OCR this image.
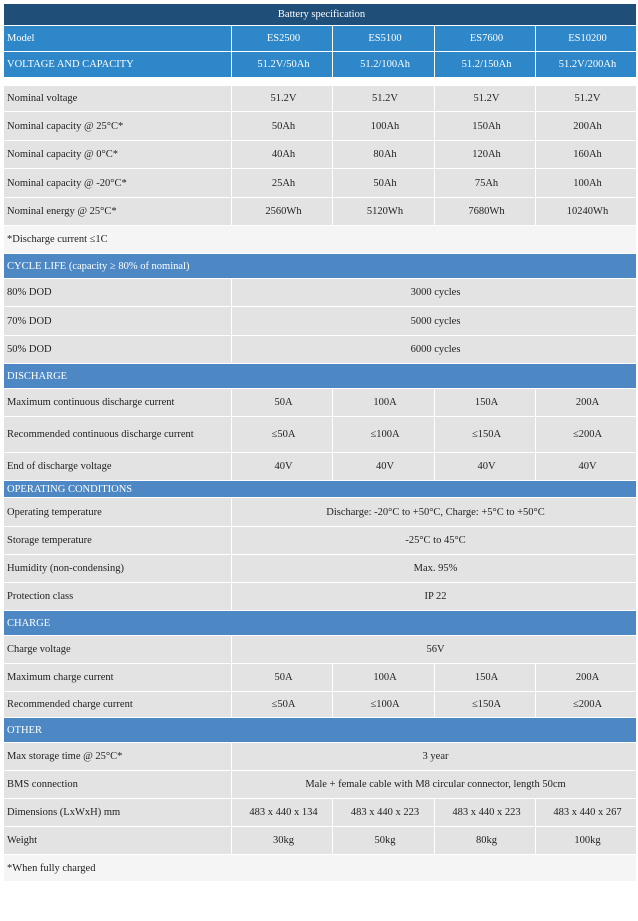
Battery specification				
Model	ES2500	ES5100	ES7600	ES10200
VOLTAGE AND CAPACITY	51.2V/50Ah	51.2/100Ah	51.2/150Ah	51.2V/200Ah

Nominal voltage	51.2V	51.2V	51.2V	51.2V
Nominal capacity @ 25°C*	50Ah	100Ah	150Ah	200Ah
Nominal capacity @ 0°C*	40Ah	80Ah	120Ah	160Ah
Nominal capacity @ -20°C*	25Ah	50Ah	75Ah	100Ah
Nominal energy @ 25°C*	2560Wh	5120Wh	7680Wh	10240Wh
*Discharge current ≤1C				
CYCLE LIFE (capacity ≥ 80% of nominal)				
80% DOD	3000 cycles			
70% DOD	5000 cycles			
50% DOD	6000 cycles			
DISCHARGE				
Maximum continuous discharge current	50A	100A	150A	200A
Recommended continuous discharge current	≤50A	≤100A	≤150A	≤200A
End of discharge voltage	40V	40V	40V	40V
OPERATING CONDITIONS				
Operating temperature	Discharge: -20°C to +50°C, Charge: +5°C to +50°C			
Storage temperature	-25°C to 45°C			
Humidity (non-condensing)	Max. 95%			
Protection class	IP 22			
CHARGE				
Charge voltage	56V			
Maximum charge current	50A	100A	150A	200A
Recommended charge current	≤50A	≤100A	≤150A	≤200A
OTHER				
Max storage time @ 25°C*	3 year			
BMS connection	Male + female cable with M8 circular connector, length 50cm			
Dimensions (LxWxH) mm	483 x 440 x 134	483 x 440 x 223	483 x 440 x 223	483 x 440 x 267
Weight	30kg	50kg	80kg	100kg
*When fully charged				
